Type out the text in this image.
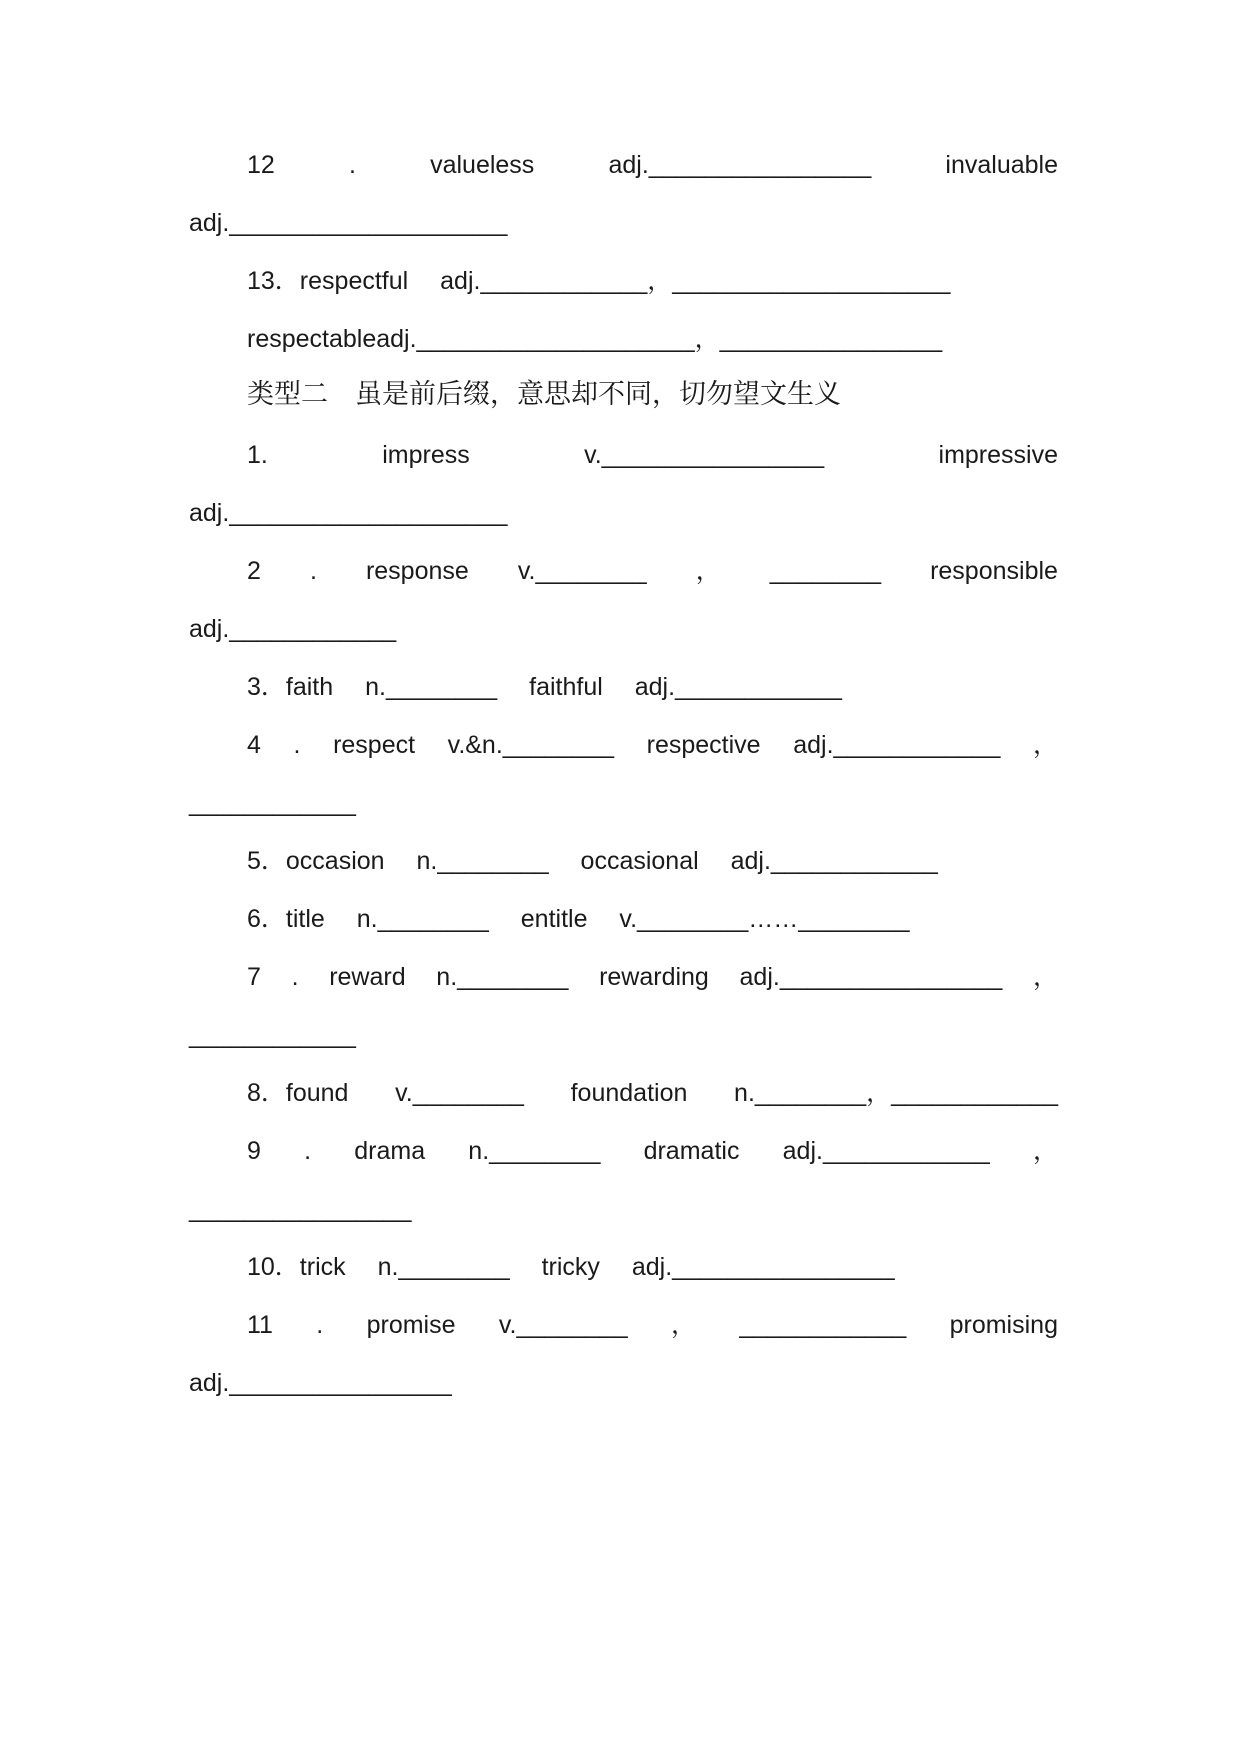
12	.	valueless	adj.________________	invaluable
adj.____________________
13．respectful　 adj.____________，____________________
respectableadj.____________________，________________
类型二　虽是前后缀，意思却不同，切勿望文生义
1.	impress	v.________________	impressive
adj.____________________
2 . response v.________ ， ________ responsible
adj.____________
3．faith　 n.________　 faithful　 adj.____________
4 . respect v.&n.________ respective adj.____________ ，
____________
5．occasion　 n.________　 occasional　 adj.____________
6．title　 n.________　 entitle　 v.________……________
7 . reward n.________ rewarding adj.________________ ，
____________
8．found v.________ foundation n.________，____________
9 . drama n.________ dramatic adj.____________ ，
________________
10．trick　 n.________　 tricky　 adj.________________
11 . promise v.________ ， ____________ promising
adj.________________
